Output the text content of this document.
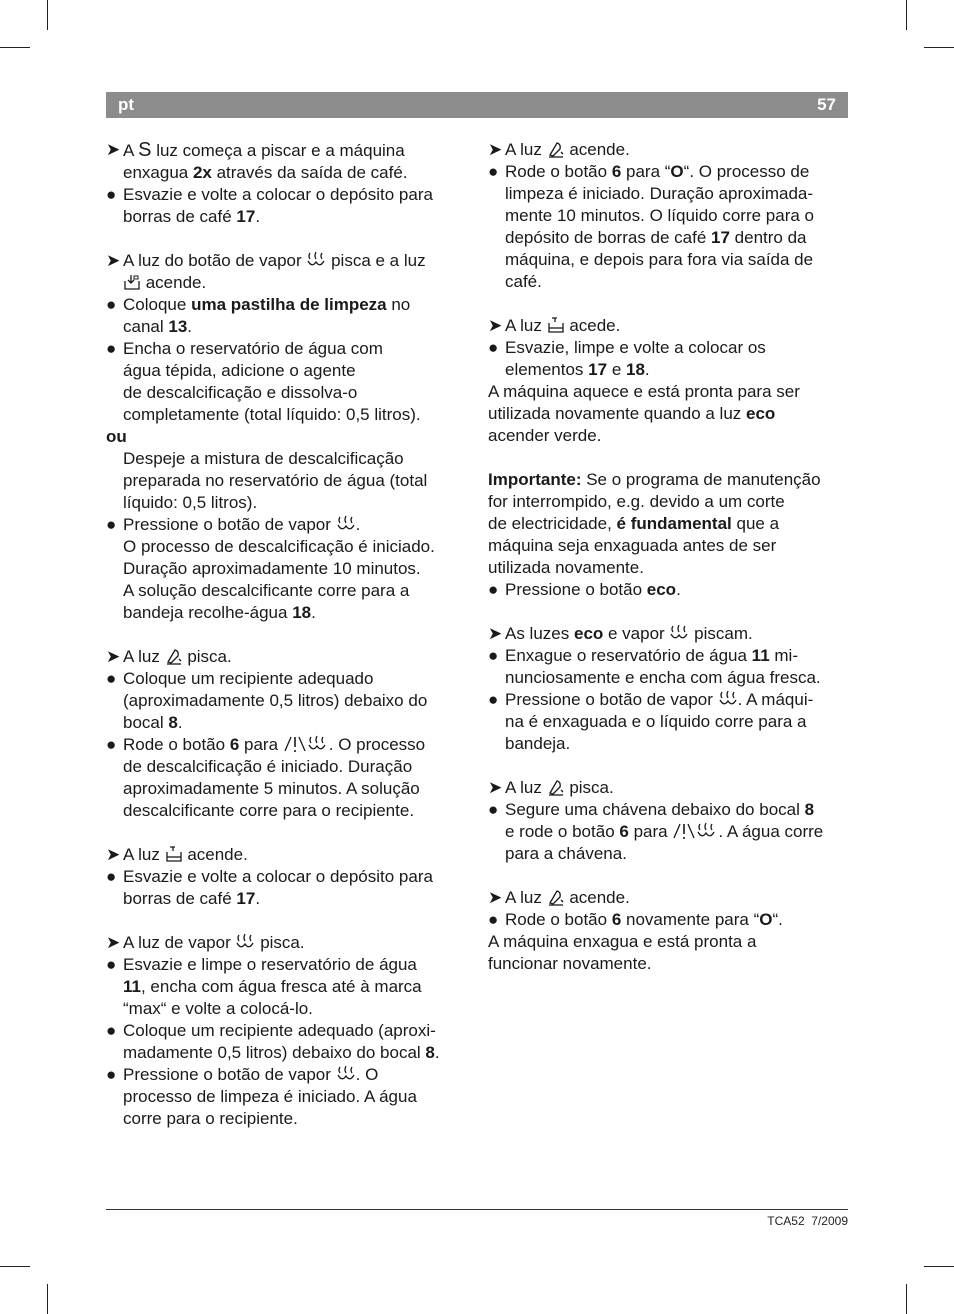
pt	57
➤ A S luz começa a piscar e a máquina
enxagua 2x através da saída de café.
● Esvazie e volte a colocar o depósito para
borras de café 17.
➤ A luz do botão de vapor
pisca e a luz
acende.
● Coloque uma pastilha de limpeza no
canal 13.
● Encha o reservatório de água com
água tépida, adicione o agente
de descalcificação e dissolva-o
completamente (total líquido: 0,5 litros).
ou
Despeje a mistura de descalcificação
preparada no reservatório de água (total
líquido: 0,5 litros).
● Pressione o botão de vapor
.
O processo de descalcificação é iniciado.
Duração aproximadamente 10 minutos.
A solução descalcificante corre para a
bandeja recolhe-água 18.
➤ A luz
pisca.
● Coloque um recipiente adequado
(aproximadamente 0,5 litros) debaixo do
bocal 8.
● Rode o botão 6 para	. O processo
de descalcificação é iniciado. Duração
aproximadamente 5 minutos. A solução
descalcificante corre para o recipiente.
➤ A luz
acende.
● Esvazie e volte a colocar o depósito para
borras de café 17.
➤ A luz de vapor
pisca.
● Esvazie e limpe o reservatório de água
11, encha com água fresca até à marca
“max“ e volte a colocá-lo.
● Coloque um recipiente adequado (aproxi-
madamente 0,5 litros) debaixo do bocal 8.
● Pressione o botão de vapor
. O
processo de limpeza é iniciado. A água
corre para o recipiente.
➤ A luz
acende.
● Rode o botão 6 para “O“. O processo de
limpeza é iniciado. Duração aproximada-
mente 10 minutos. O líquido corre para o
depósito de borras de café 17 dentro da
máquina, e depois para fora via saída de
café.
➤ A luz
acede.
● Esvazie, limpe e volte a colocar os
elementos 17 e 18.
A máquina aquece e está pronta para ser
utilizada novamente quando a luz eco
acender verde.
Importante: Se o programa de manutenção
for interrompido, e.g. devido a um corte
de electricidade, é fundamental que a
máquina seja enxaguada antes de ser
utilizada novamente.
● Pressione o botão eco.
➤ As luzes eco e vapor
piscam.
● Enxague o reservatório de água 11 mi-
nunciosamente e encha com água fresca.
● Pressione o botão de vapor
. A máqui-
na é enxaguada e o líquido corre para a
bandeja.
➤ A luz
pisca.
● Segure uma chávena debaixo do bocal 8
e rode o botão 6 para	. A água corre
para a chávena.
➤ A luz
acende.
● Rode o botão 6 novamente para “O“.
A máquina enxagua e está pronta a
funcionar novamente.
TCA52 7/2009
